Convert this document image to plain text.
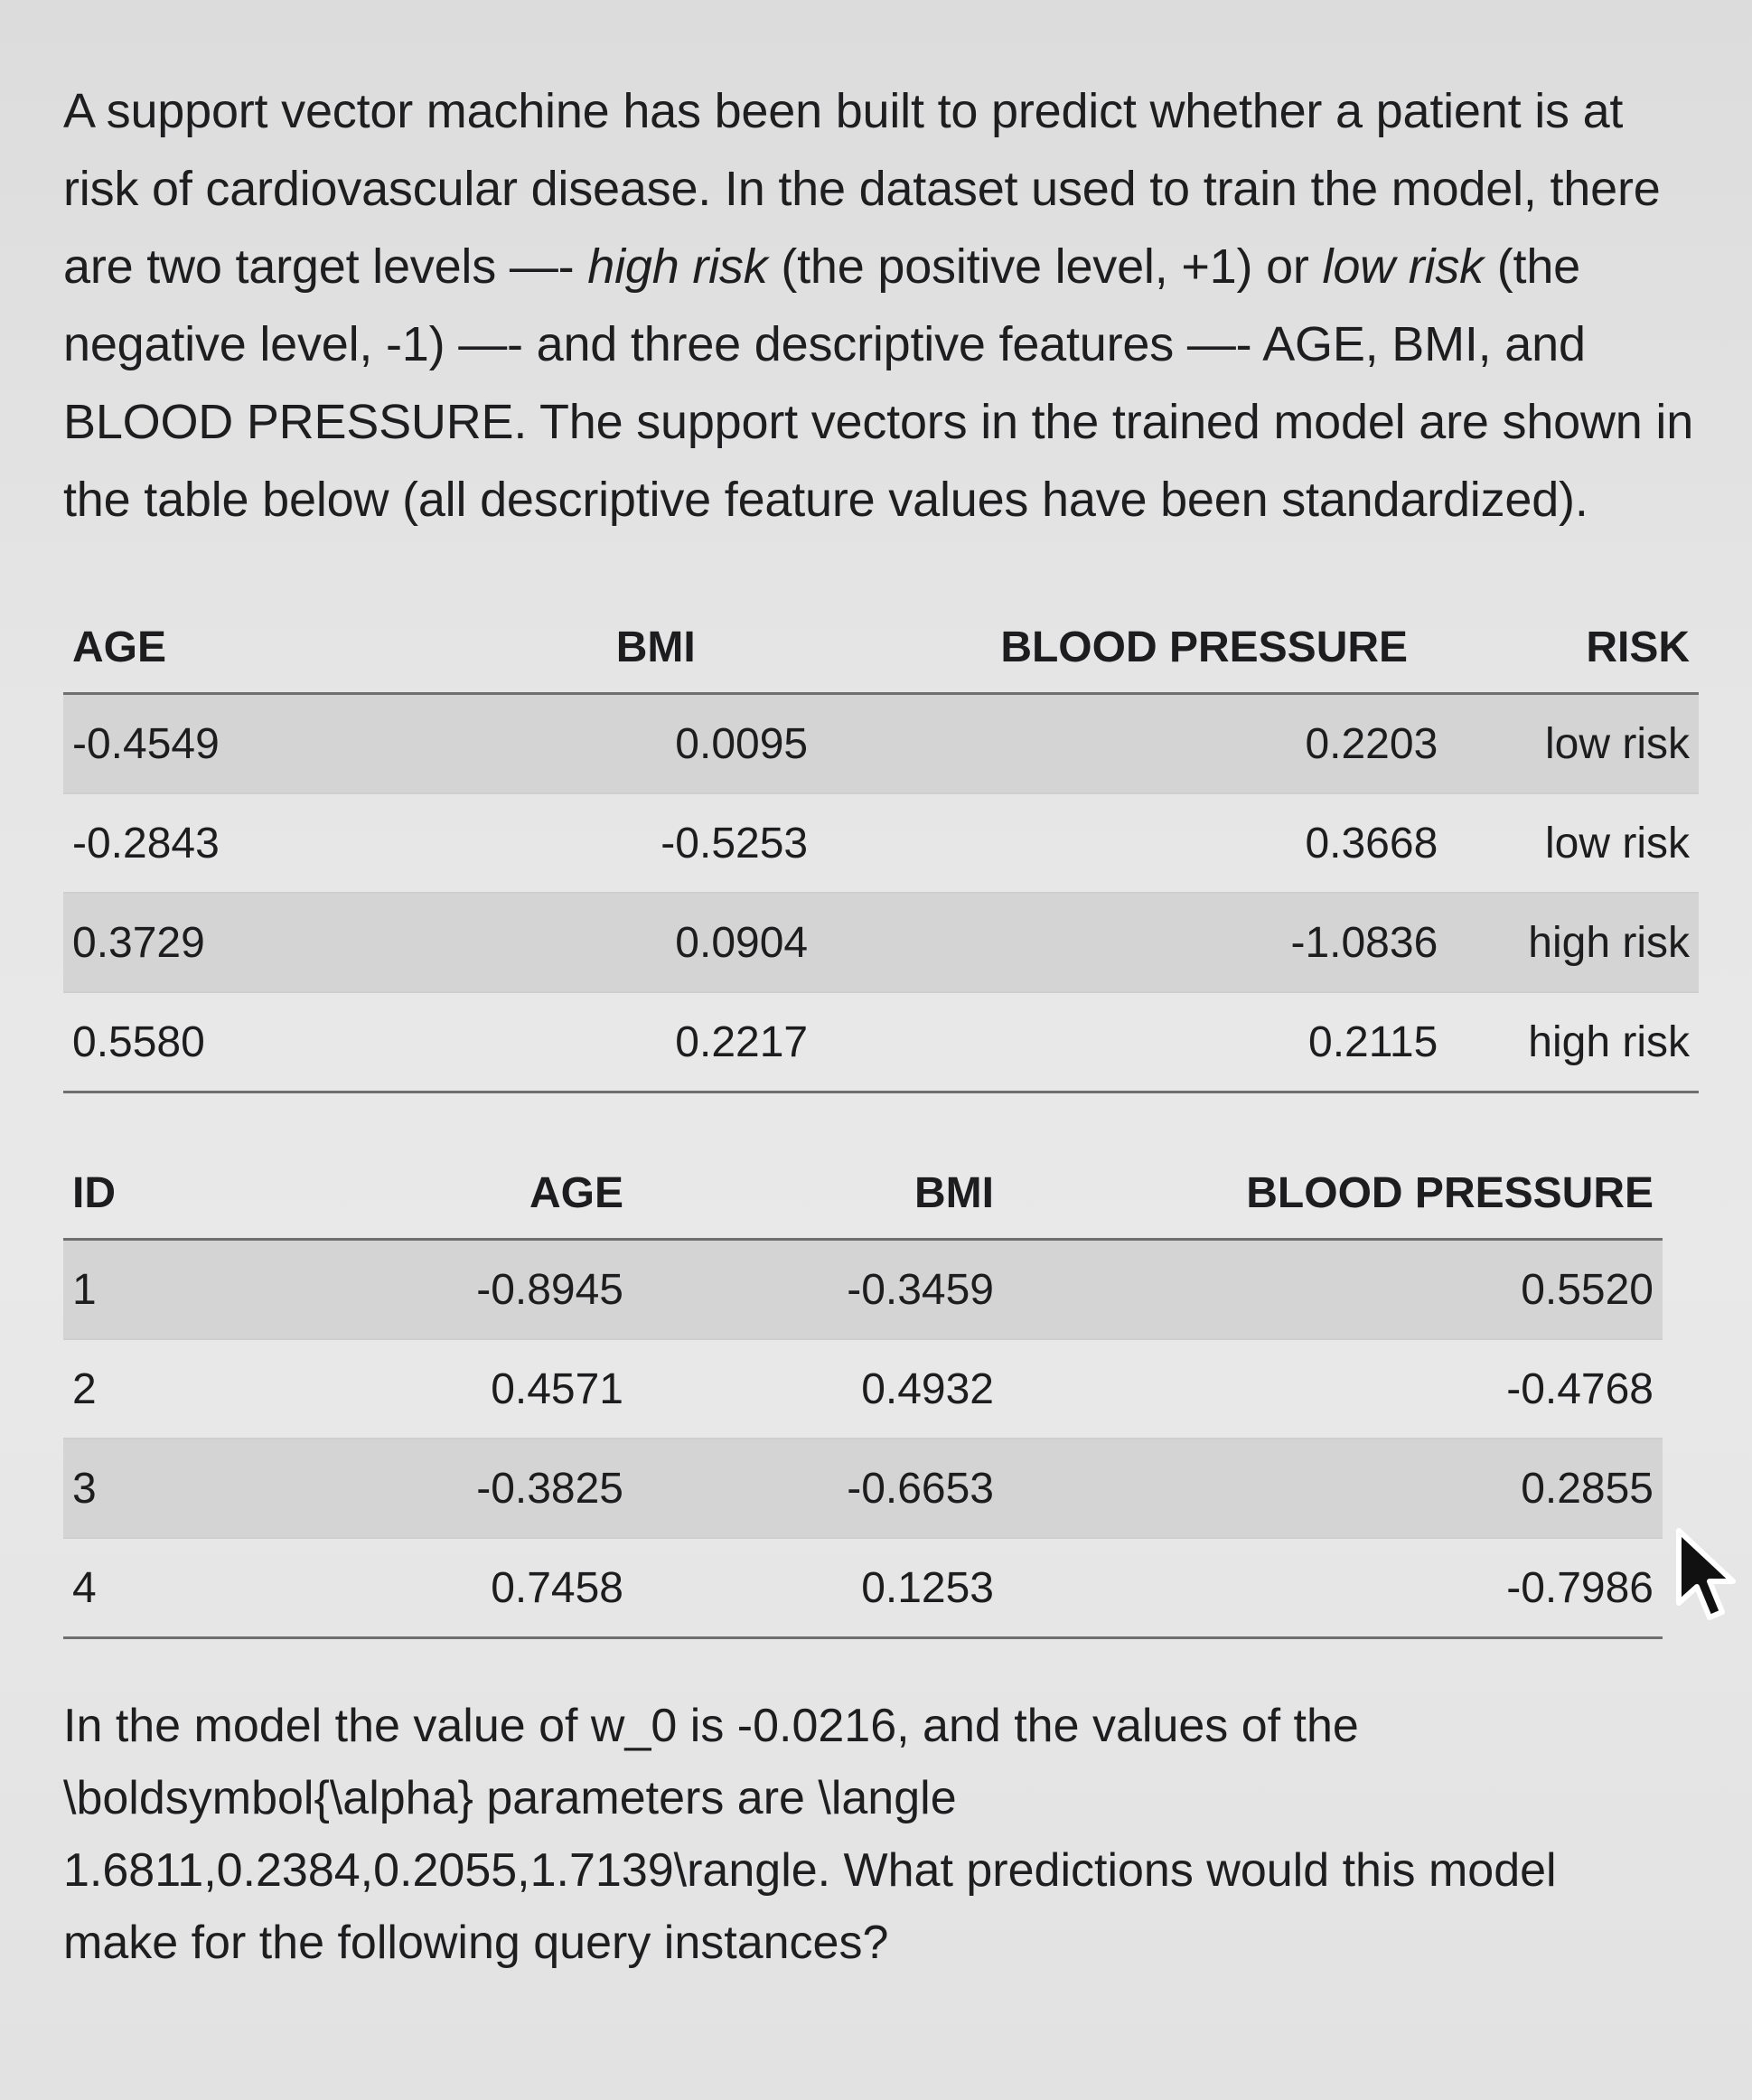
A support vector machine has been built to predict whether a patient is at risk of cardiovascular disease. In the dataset used to train the model, there are two target levels —- high risk (the positive level, +1) or low risk (the negative level, -1) —- and three descriptive features —- AGE, BMI, and BLOOD PRESSURE. The support vectors in the trained model are shown in the table below (all descriptive feature values have been standardized).

AGE	BMI	BLOOD PRESSURE	RISK
-0.4549	0.0095	0.2203	low risk
-0.2843	-0.5253	0.3668	low risk
0.3729	0.0904	-1.0836	high risk
0.5580	0.2217	0.2115	high risk
ID	AGE	BMI	BLOOD PRESSURE
1	-0.8945	-0.3459	0.5520
2	0.4571	0.4932	-0.4768
3	-0.3825	-0.6653	0.2855
4	0.7458	0.1253	-0.7986

In the model the value of w_0 is -0.0216, and the values of the \boldsymbol{\alpha} parameters are \langle 1.6811,0.2384,0.2055,1.7139\rangle. What predictions would this model make for the following query instances?
